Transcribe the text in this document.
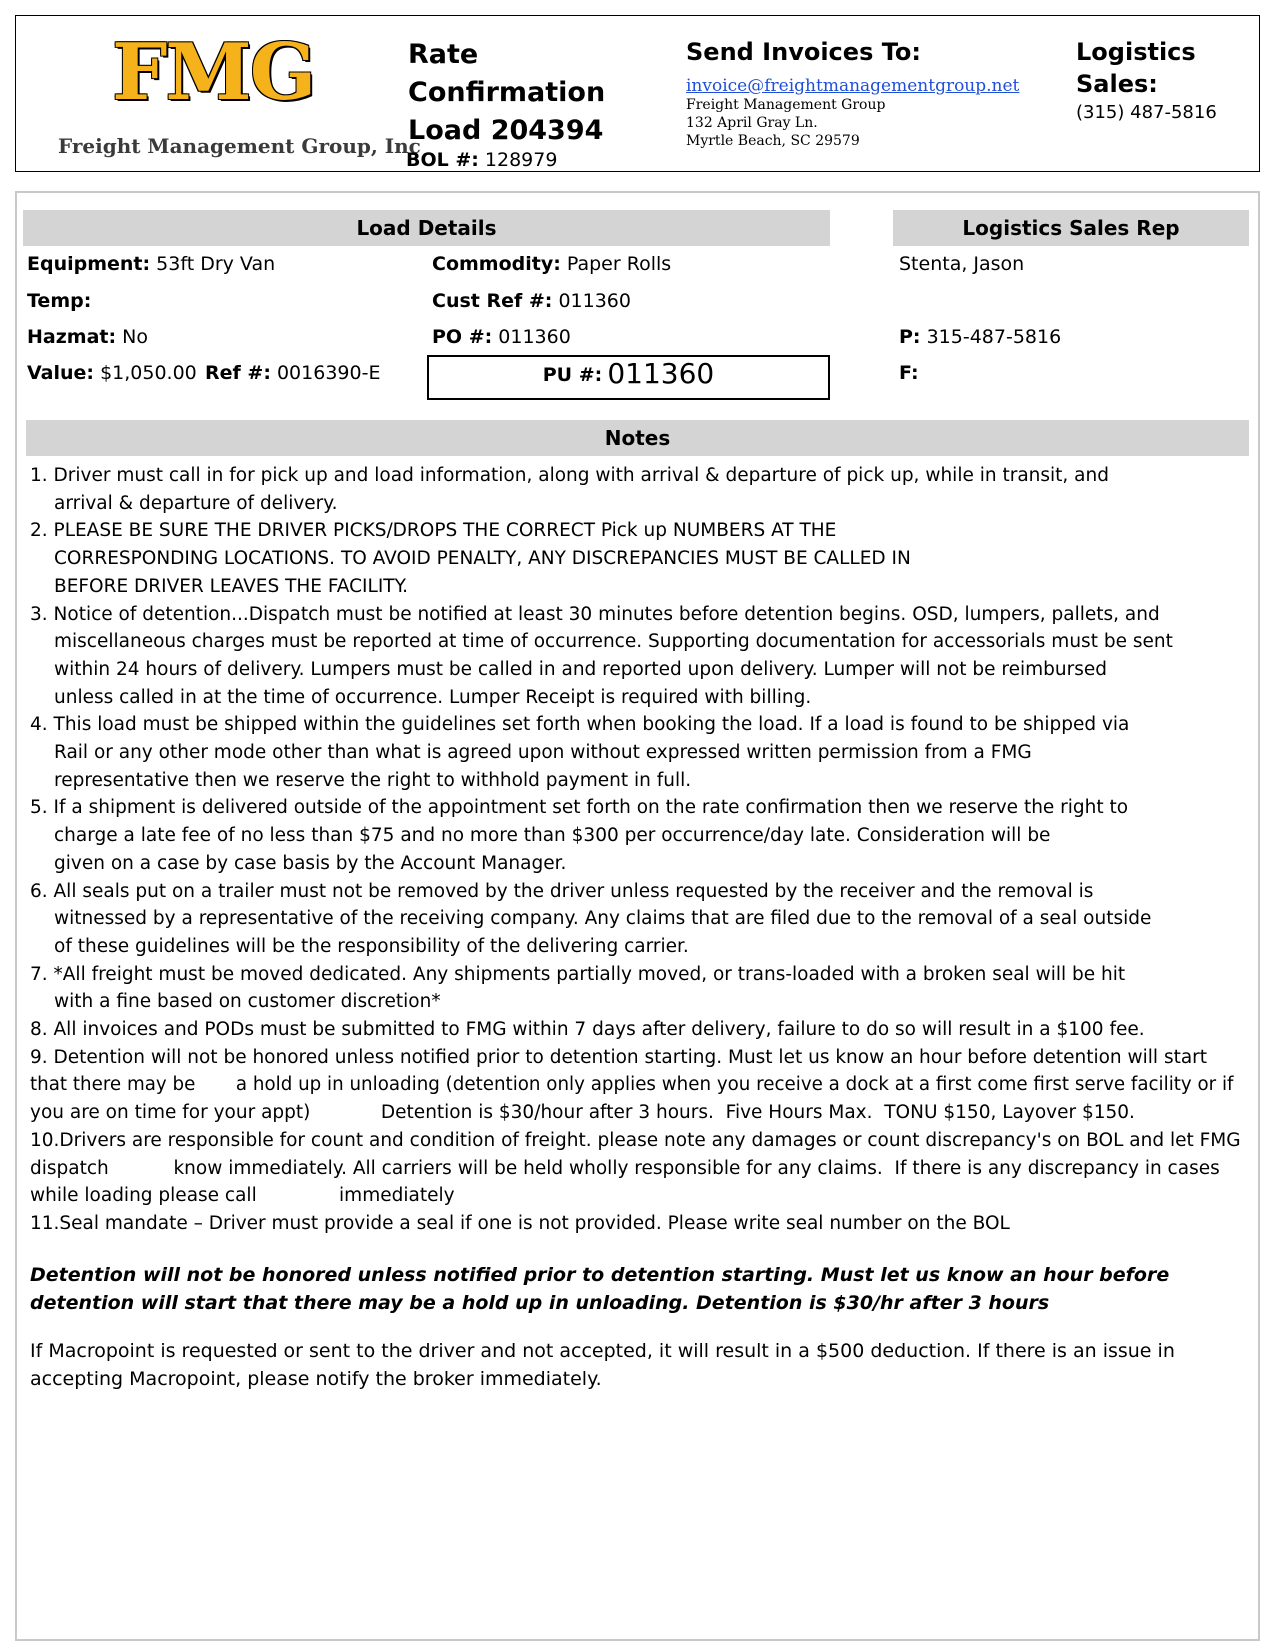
FMG
Freight Management Group, Inc
Rate Confirmation
Load 204394
BOL #: 128979
Send Invoices To:
invoice@freightmanagementgroup.net
Freight Management Group
132 April Gray Ln.
Myrtle Beach, SC 29579
Logistics Sales:
(315) 487-5816
Load Details	Logistics Sales Rep
Equipment: 53ft Dry Van
Temp:
Hazmat: No
Value: $1,050.00 Ref #: 0016390-E
Commodity: Paper Rolls
Cust Ref #: 011360
PO #: 011360
PU #: 011360
Stenta, Jason
P: 315-487-5816
F:
Notes
1. Driver must call in for pick up and load information, along with arrival & departure of pick up, while in transit, and
arrival & departure of delivery.
2. PLEASE BE SURE THE DRIVER PICKS/DROPS THE CORRECT Pick up NUMBERS AT THE
CORRESPONDING LOCATIONS. TO AVOID PENALTY, ANY DISCREPANCIES MUST BE CALLED IN
BEFORE DRIVER LEAVES THE FACILITY.
3. Notice of detention...Dispatch must be notified at least 30 minutes before detention begins. OSD, lumpers, pallets, and
miscellaneous charges must be reported at time of occurrence. Supporting documentation for accessorials must be sent
within 24 hours of delivery. Lumpers must be called in and reported upon delivery. Lumper will not be reimbursed
unless called in at the time of occurrence. Lumper Receipt is required with billing.
4. This load must be shipped within the guidelines set forth when booking the load. If a load is found to be shipped via
Rail or any other mode other than what is agreed upon without expressed written permission from a FMG
representative then we reserve the right to withhold payment in full.
5. If a shipment is delivered outside of the appointment set forth on the rate confirmation then we reserve the right to
charge a late fee of no less than $75 and no more than $300 per occurrence/day late. Consideration will be
given on a case by case basis by the Account Manager.
6. All seals put on a trailer must not be removed by the driver unless requested by the receiver and the removal is
witnessed by a representative of the receiving company. Any claims that are filed due to the removal of a seal outside
of these guidelines will be the responsibility of the delivering carrier.
7. *All freight must be moved dedicated. Any shipments partially moved, or trans-loaded with a broken seal will be hit
with a fine based on customer discretion*
8. All invoices and PODs must be submitted to FMG within 7 days after delivery, failure to do so will result in a $100 fee.
9. Detention will not be honored unless notified prior to detention starting. Must let us know an hour before detention will start
that there may be       a hold up in unloading (detention only applies when you receive a dock at a first come first serve facility or if
you are on time for your appt)            Detention is $30/hour after 3 hours.  Five Hours Max.  TONU $150, Layover $150.
10.Drivers are responsible for count and condition of freight. please note any damages or count discrepancy's on BOL and let FMG
dispatch           know immediately. All carriers will be held wholly responsible for any claims.  If there is any discrepancy in cases
while loading please call              immediately
11.Seal mandate – Driver must provide a seal if one is not provided. Please write seal number on the BOL
Detention will not be honored unless notified prior to detention starting. Must let us know an hour before detention will start that there may be a hold up in unloading. Detention is $30/hr after 3 hours
If Macropoint is requested or sent to the driver and not accepted, it will result in a $500 deduction. If there is an issue in accepting Macropoint, please notify the broker immediately.
